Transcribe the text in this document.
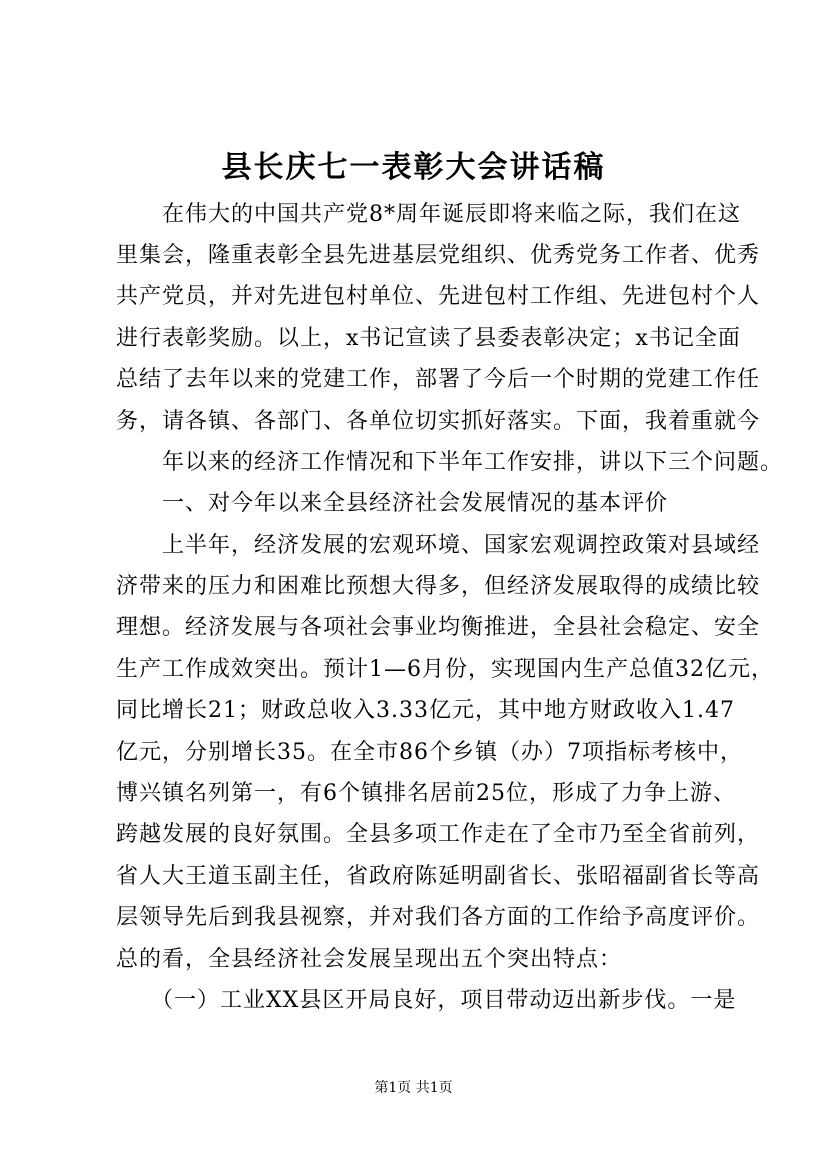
县长庆七一表彰大会讲话稿
　　在伟大的中国共产党8*周年诞辰即将来临之际，我们在这
里集会，隆重表彰全县先进基层党组织、优秀党务工作者、优秀
共产党员，并对先进包村单位、先进包村工作组、先进包村个人
进行表彰奖励。以上，x书记宣读了县委表彰决定；x书记全面
总结了去年以来的党建工作，部署了今后一个时期的党建工作任
务，请各镇、各部门、各单位切实抓好落实。下面，我着重就今
　　年以来的经济工作情况和下半年工作安排，讲以下三个问题。
　　一、对今年以来全县经济社会发展情况的基本评价
　　上半年，经济发展的宏观环境、国家宏观调控政策对县域经
济带来的压力和困难比预想大得多，但经济发展取得的成绩比较
理想。经济发展与各项社会事业均衡推进，全县社会稳定、安全
生产工作成效突出。预计1—6月份，实现国内生产总值32亿元，
同比增长21；财政总收入3.33亿元，其中地方财政收入1.47
亿元，分别增长35。在全市86个乡镇（办）7项指标考核中，
博兴镇名列第一，有6个镇排名居前25位，形成了力争上游、
跨越发展的良好氛围。全县多项工作走在了全市乃至全省前列，
省人大王道玉副主任，省政府陈延明副省长、张昭福副省长等高
层领导先后到我县视察，并对我们各方面的工作给予高度评价。
总的看，全县经济社会发展呈现出五个突出特点：
　　（一）工业XX县区开局良好，项目带动迈出新步伐。一是
第1页 共1页
